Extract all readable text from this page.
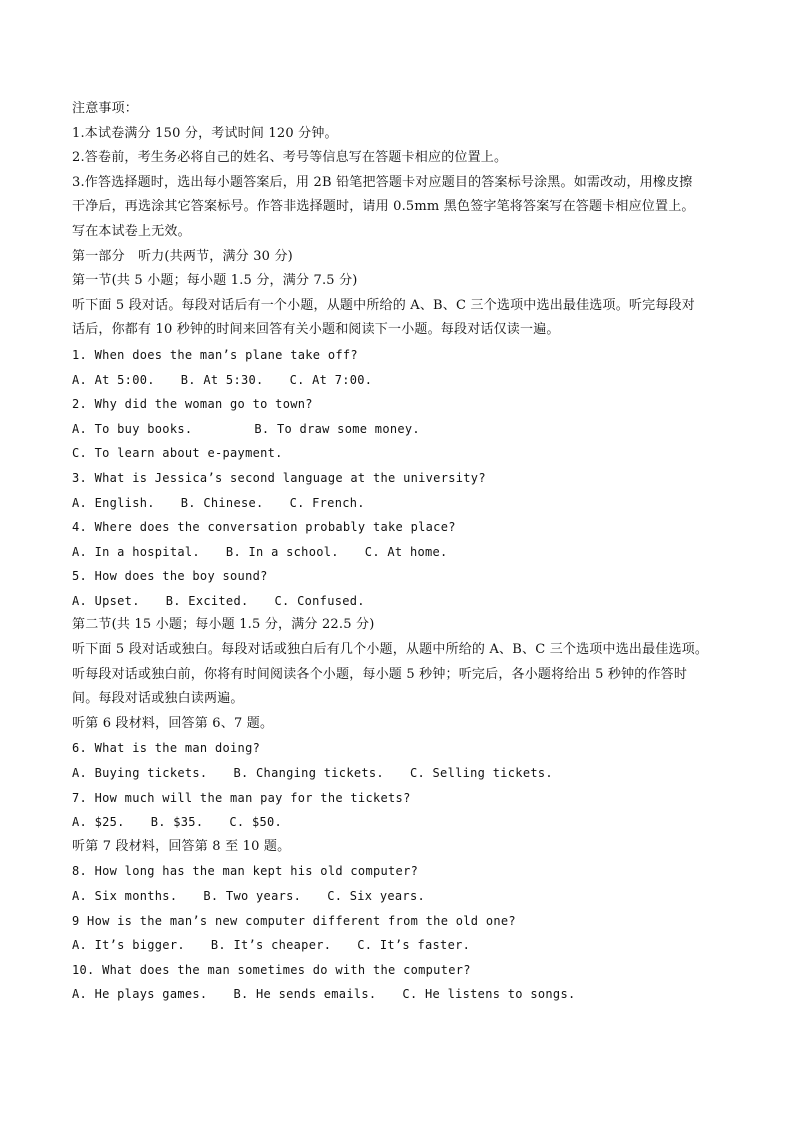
注意事项：
1.本试卷满分 150 分，考试时间 120 分钟。
2.答卷前，考生务必将自己的姓名、考号等信息写在答题卡相应的位置上。
3.作答选择题时，选出每小题答案后，用 2B 铅笔把答题卡对应题目的答案标号涂黑。如需改动，用橡皮擦
干净后，再选涂其它答案标号。作答非选择题时，请用 0.5mm 黑色签字笔将答案写在答题卡相应位置上。
写在本试卷上无效。
第一部分　听力(共两节，满分 30 分)
第一节(共 5 小题；每小题 1.5 分，满分 7.5 分)
听下面 5 段对话。每段对话后有一个小题，从题中所给的 A、B、C 三个选项中选出最佳选项。听完每段对
话后，你都有 10 秒钟的时间来回答有关小题和阅读下一小题。每段对话仅读一遍。
1. When does the man’s plane take off?
A. At 5:00. B. At 5:30. C. At 7:00.
2. Why did the woman go to town?
A. To buy books.	B. To draw some money.
C. To learn about e-payment.
3. What is Jessica’s second language at the university?
A. English. B. Chinese. C. French.
4. Where does the conversation probably take place?
A. In a hospital. B. In a school. C. At home.
5. How does the boy sound?
A. Upset. B. Excited. C. Confused.
第二节(共 15 小题；每小题 1.5 分，满分 22.5 分)
听下面 5 段对话或独白。每段对话或独白后有几个小题，从题中所给的 A、B、C 三个选项中选出最佳选项。
听每段对话或独白前，你将有时间阅读各个小题，每小题 5 秒钟；听完后，各小题将给出 5 秒钟的作答时
间。每段对话或独白读两遍。
听第 6 段材料，回答第 6、7 题。
6. What is the man doing?
A. Buying tickets. B. Changing tickets. C. Selling tickets.
7. How much will the man pay for the tickets?
A. $25. B. $35. C. $50.
听第 7 段材料，回答第 8 至 10 题。
8. How long has the man kept his old computer?
A. Six months. B. Two years. C. Six years.
9 How is the man’s new computer different from the old one?
A. It’s bigger. B. It’s cheaper. C. It’s faster.
10. What does the man sometimes do with the computer?
A. He plays games. B. He sends emails. C. He listens to songs.
